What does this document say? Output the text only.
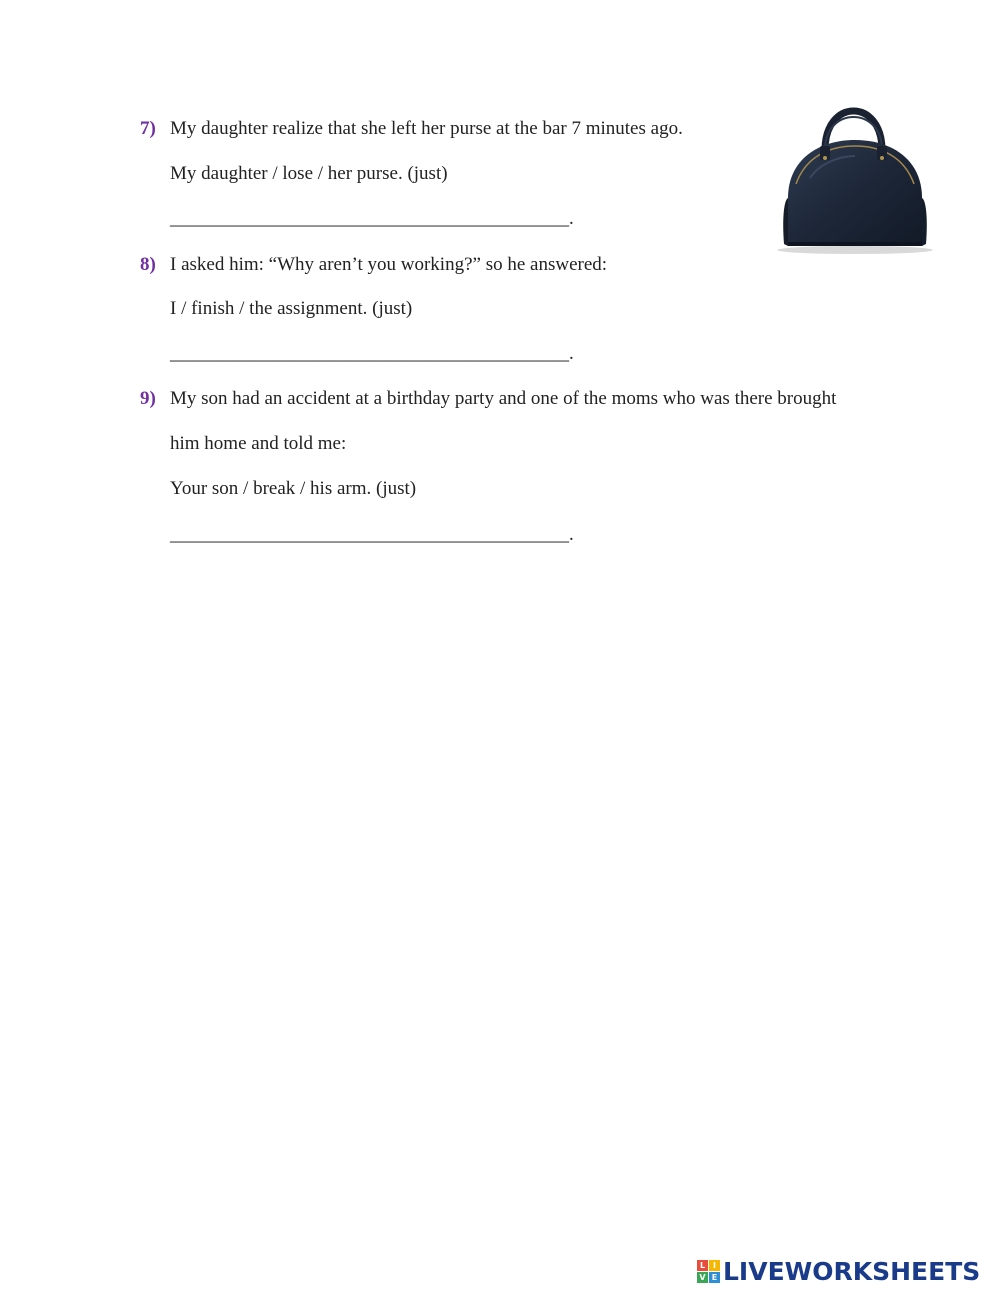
7) My daughter realize that she left her purse at the bar 7 minutes ago.
My daughter / lose / her purse. (just)
__________________________________________.
8) I asked him: “Why aren’t you working?” so he answered:
I / finish / the assignment. (just)
__________________________________________.
9) My son had an accident at a birthday party and one of the moms who was there brought
him home and told me:
Your son / break / his arm. (just)
__________________________________________.
L I
V E LIVEWORKSHEETS
